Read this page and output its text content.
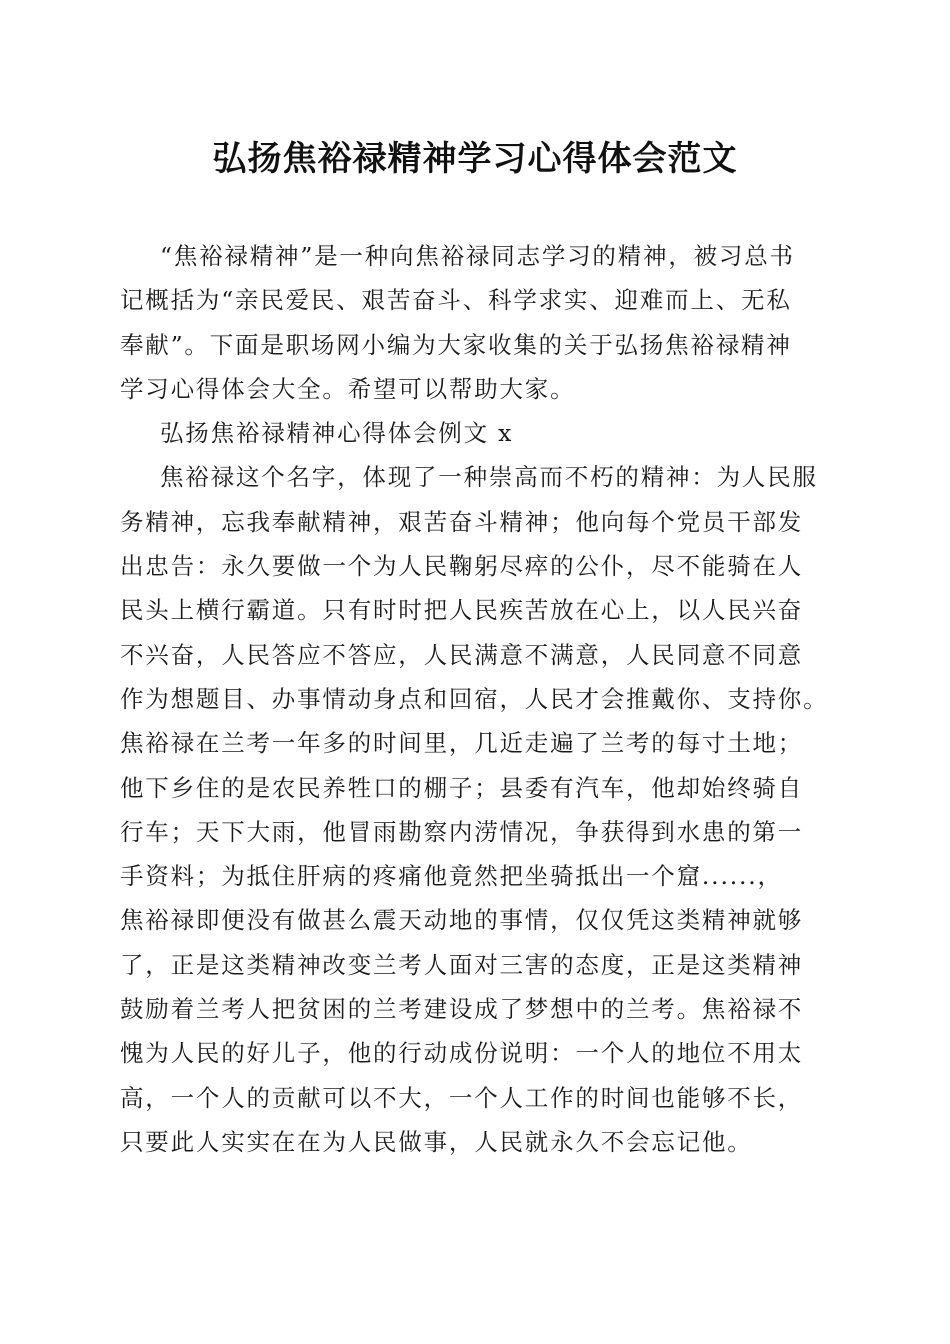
弘扬焦裕禄精神学习心得体会范文
“焦裕禄精神”是一种向焦裕禄同志学习的精神，被习总书
记概括为“亲民爱民、艰苦奋斗、科学求实、迎难而上、无私
奉献”。下面是职场网小编为大家收集的关于弘扬焦裕禄精神
学习心得体会大全。希望可以帮助大家。
弘扬焦裕禄精神心得体会例文 x
焦裕禄这个名字，体现了一种崇高而不朽的精神：为人民服
务精神，忘我奉献精神，艰苦奋斗精神；他向每个党员干部发
出忠告：永久要做一个为人民鞠躬尽瘁的公仆，尽不能骑在人
民头上横行霸道。只有时时把人民疾苦放在心上，以人民兴奋
不兴奋，人民答应不答应，人民满意不满意，人民同意不同意
作为想题目、办事情动身点和回宿，人民才会推戴你、支持你。
焦裕禄在兰考一年多的时间里，几近走遍了兰考的每寸土地；
他下乡住的是农民养牲口的棚子；县委有汽车，他却始终骑自
行车；天下大雨，他冒雨勘察内涝情况，争获得到水患的第一
手资料；为抵住肝病的疼痛他竟然把坐骑抵出一个窟......，
焦裕禄即便没有做甚么震天动地的事情，仅仅凭这类精神就够
了，正是这类精神改变兰考人面对三害的态度，正是这类精神
鼓励着兰考人把贫困的兰考建设成了梦想中的兰考。焦裕禄不
愧为人民的好儿子，他的行动成份说明：一个人的地位不用太
高，一个人的贡献可以不大，一个人工作的时间也能够不长，
只要此人实实在在为人民做事，人民就永久不会忘记他。
